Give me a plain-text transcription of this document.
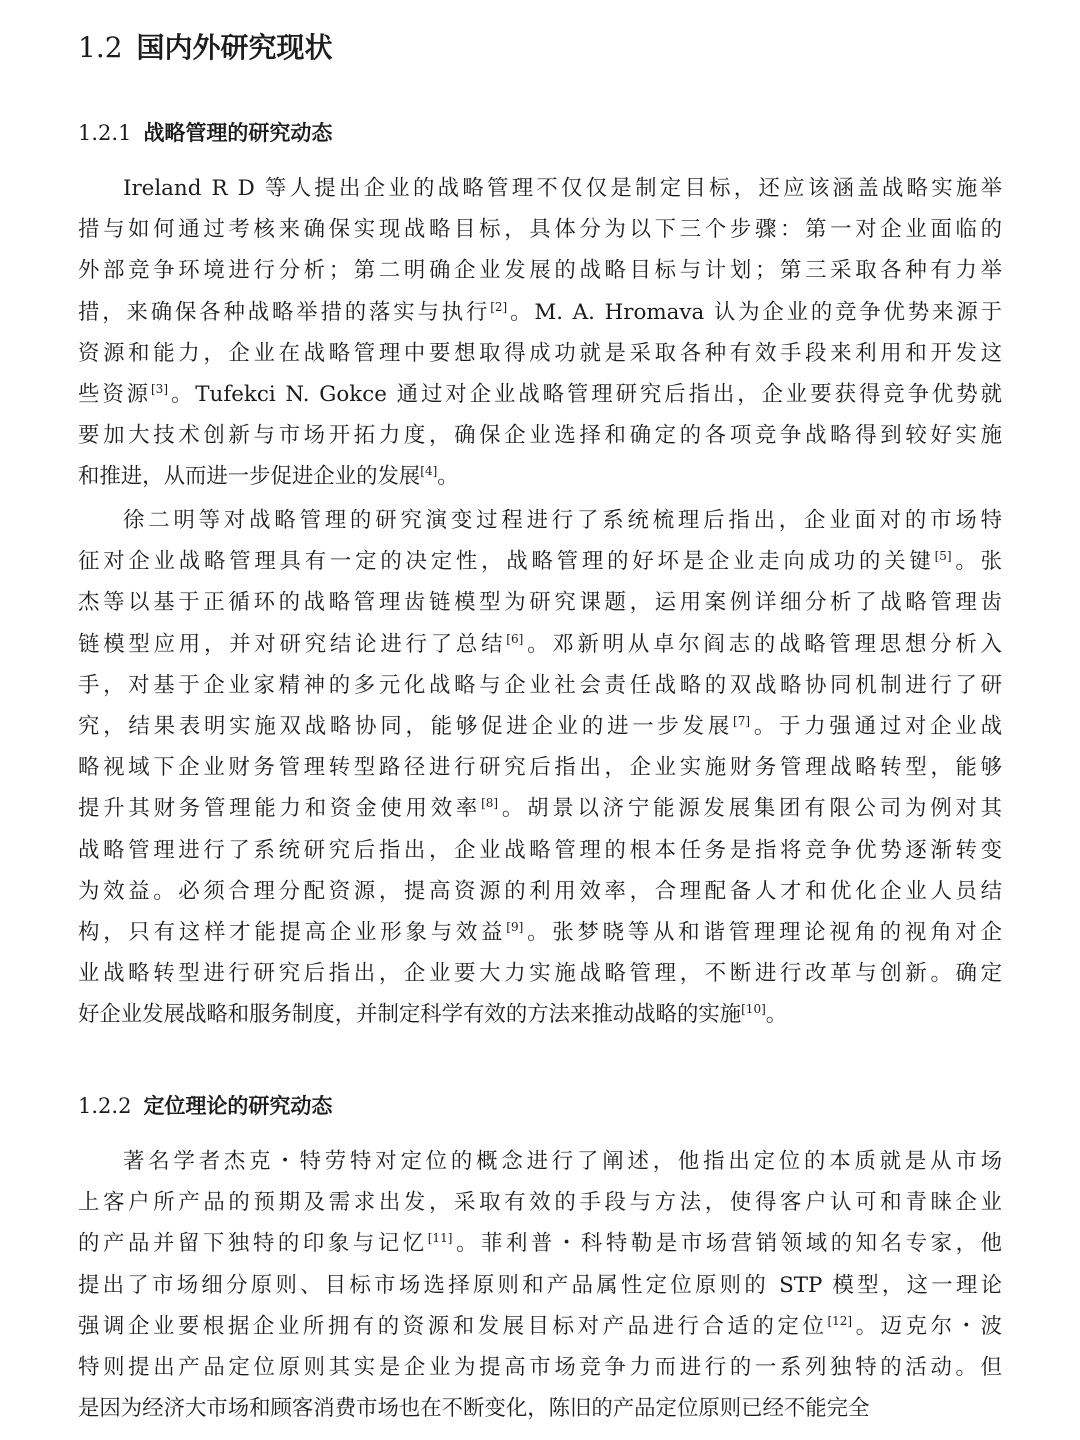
1.2 国内外研究现状
1.2.1 战略管理的研究动态
Ireland R D 等人提出企业的战略管理不仅仅是制定目标，还应该涵盖战略实施举
措与如何通过考核来确保实现战略目标，具体分为以下三个步骤：第一对企业面临的
外部竞争环境进行分析；第二明确企业发展的战略目标与计划；第三采取各种有力举
措，来确保各种战略举措的落实与执行[2]。M. A. Hromava 认为企业的竞争优势来源于
资源和能力，企业在战略管理中要想取得成功就是采取各种有效手段来利用和开发这
些资源[3]。Tufekci N. Gokce 通过对企业战略管理研究后指出，企业要获得竞争优势就
要加大技术创新与市场开拓力度，确保企业选择和确定的各项竞争战略得到较好实施
和推进，从而进一步促进企业的发展[4]。
徐二明等对战略管理的研究演变过程进行了系统梳理后指出，企业面对的市场特
征对企业战略管理具有一定的决定性，战略管理的好坏是企业走向成功的关键[5]。张
杰等以基于正循环的战略管理齿链模型为研究课题，运用案例详细分析了战略管理齿
链模型应用，并对研究结论进行了总结[6]。邓新明从卓尔阎志的战略管理思想分析入
手，对基于企业家精神的多元化战略与企业社会责任战略的双战略协同机制进行了研
究，结果表明实施双战略协同，能够促进企业的进一步发展[7]。于力强通过对企业战
略视域下企业财务管理转型路径进行研究后指出，企业实施财务管理战略转型，能够
提升其财务管理能力和资金使用效率[8]。胡景以济宁能源发展集团有限公司为例对其
战略管理进行了系统研究后指出，企业战略管理的根本任务是指将竞争优势逐渐转变
为效益。必须合理分配资源，提高资源的利用效率，合理配备人才和优化企业人员结
构，只有这样才能提高企业形象与效益[9]。张梦晓等从和谐管理理论视角的视角对企
业战略转型进行研究后指出，企业要大力实施战略管理，不断进行改革与创新。确定
好企业发展战略和服务制度，并制定科学有效的方法来推动战略的实施[10]。
1.2.2 定位理论的研究动态
著名学者杰克・特劳特对定位的概念进行了阐述，他指出定位的本质就是从市场
上客户所产品的预期及需求出发，采取有效的手段与方法，使得客户认可和青睐企业
的产品并留下独特的印象与记忆[11]。菲利普・科特勒是市场营销领域的知名专家，他
提出了市场细分原则、目标市场选择原则和产品属性定位原则的 STP 模型，这一理论
强调企业要根据企业所拥有的资源和发展目标对产品进行合适的定位[12]。迈克尔・波
特则提出产品定位原则其实是企业为提高市场竞争力而进行的一系列独特的活动。但
是因为经济大市场和顾客消费市场也在不断变化，陈旧的产品定位原则已经不能完全
